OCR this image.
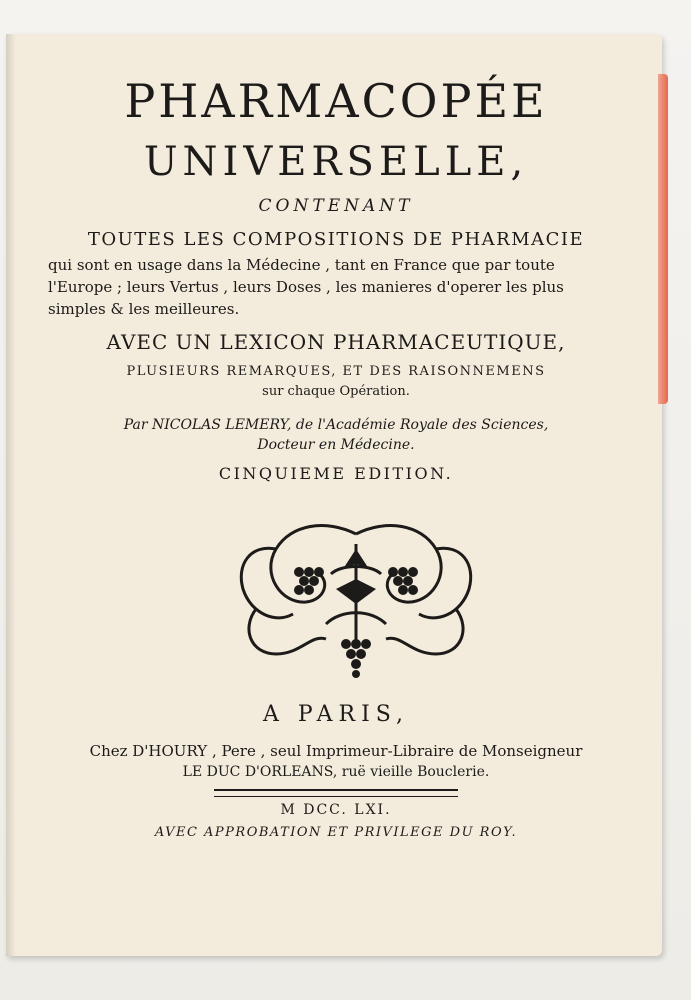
PHARMACOPÉE
UNIVERSELLE,
CONTENANT
TOUTES LES COMPOSITIONS DE PHARMACIE
qui sont en usage dans la Médecine , tant en France que par toute
l'Europe ; leurs Vertus , leurs Doses , les manieres d'operer les plus
simples & les meilleures.
AVEC UN LEXICON PHARMACEUTIQUE,
PLUSIEURS REMARQUES, ET DES RAISONNEMENS
sur chaque Opération.
Par NICOLAS LEMERY, de l'Académie Royale des Sciences,
Docteur en Médecine.
CINQUIEME EDITION.
A PARIS,
Chez D'HOURY , Pere , seul Imprimeur-Libraire de Monseigneur
LE DUC D'ORLEANS, ruë vieille Bouclerie.
M DCC. LXI.
AVEC APPROBATION ET PRIVILEGE DU ROY.
